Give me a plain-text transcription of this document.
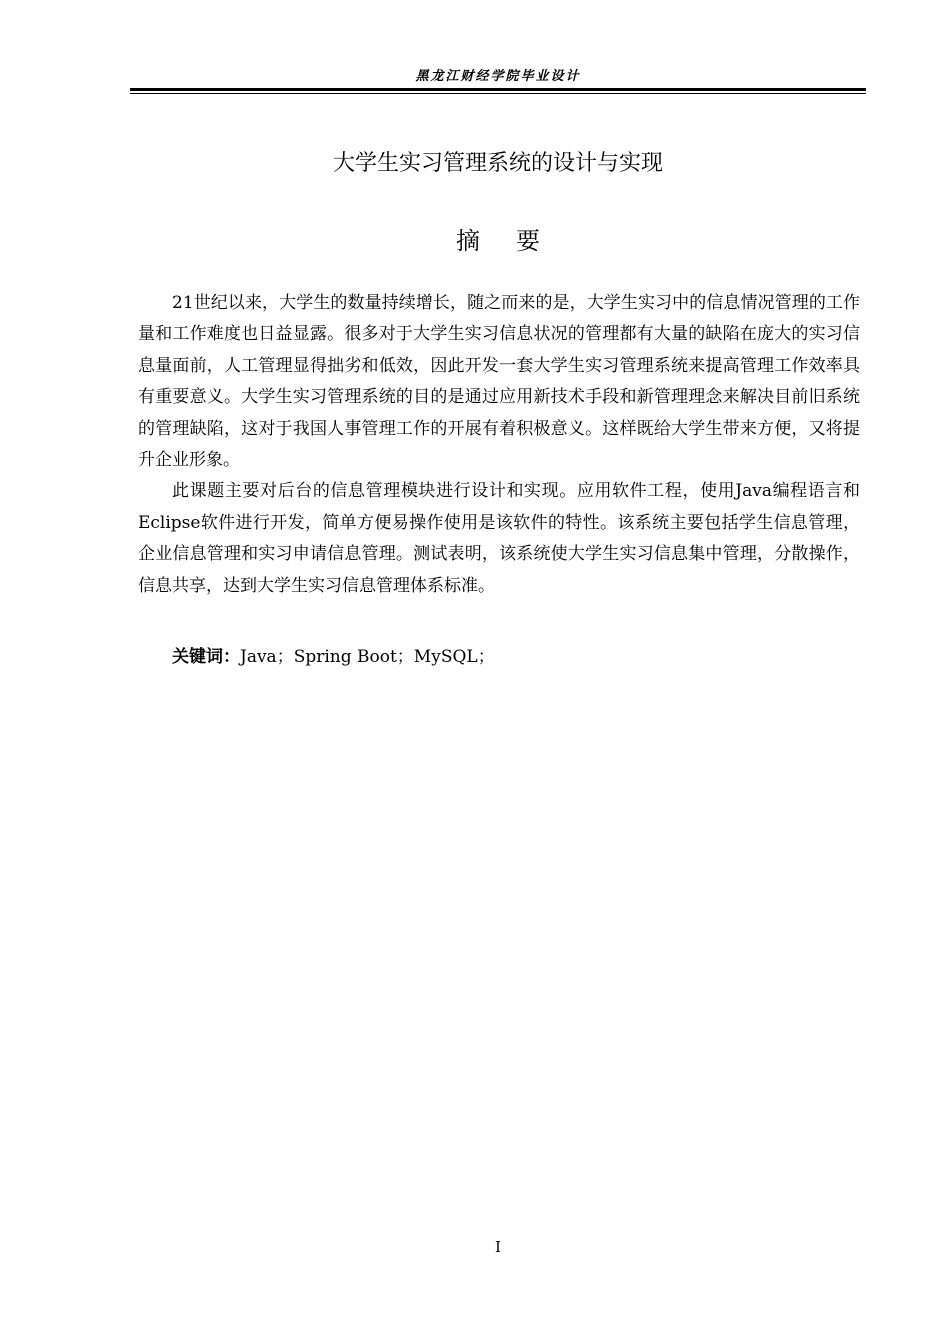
黑龙江财经学院毕业设计
大学生实习管理系统的设计与实现
摘要

21世纪以来，大学生的数量持续增长，随之而来的是，大学生实习中的信息情况管理的工作量和工作难度也日益显露。很多对于大学生实习信息状况的管理都有大量的缺陷在庞大的实习信息量面前，人工管理显得拙劣和低效，因此开发一套大学生实习管理系统来提高管理工作效率具有重要意义。大学生实习管理系统的目的是通过应用新技术手段和新管理理念来解决目前旧系统的管理缺陷，这对于我国人事管理工作的开展有着积极意义。这样既给大学生带来方便，又将提升企业形象。

此课题主要对后台的信息管理模块进行设计和实现。应用软件工程，使用Java编程语言和Eclipse软件进行开发，简单方便易操作使用是该软件的特性。该系统主要包括学生信息管理，企业信息管理和实习申请信息管理。测试表明，该系统使大学生实习信息集中管理，分散操作，信息共享，达到大学生实习信息管理体系标准。

关键词：Java；Spring Boot；MySQL；
I
